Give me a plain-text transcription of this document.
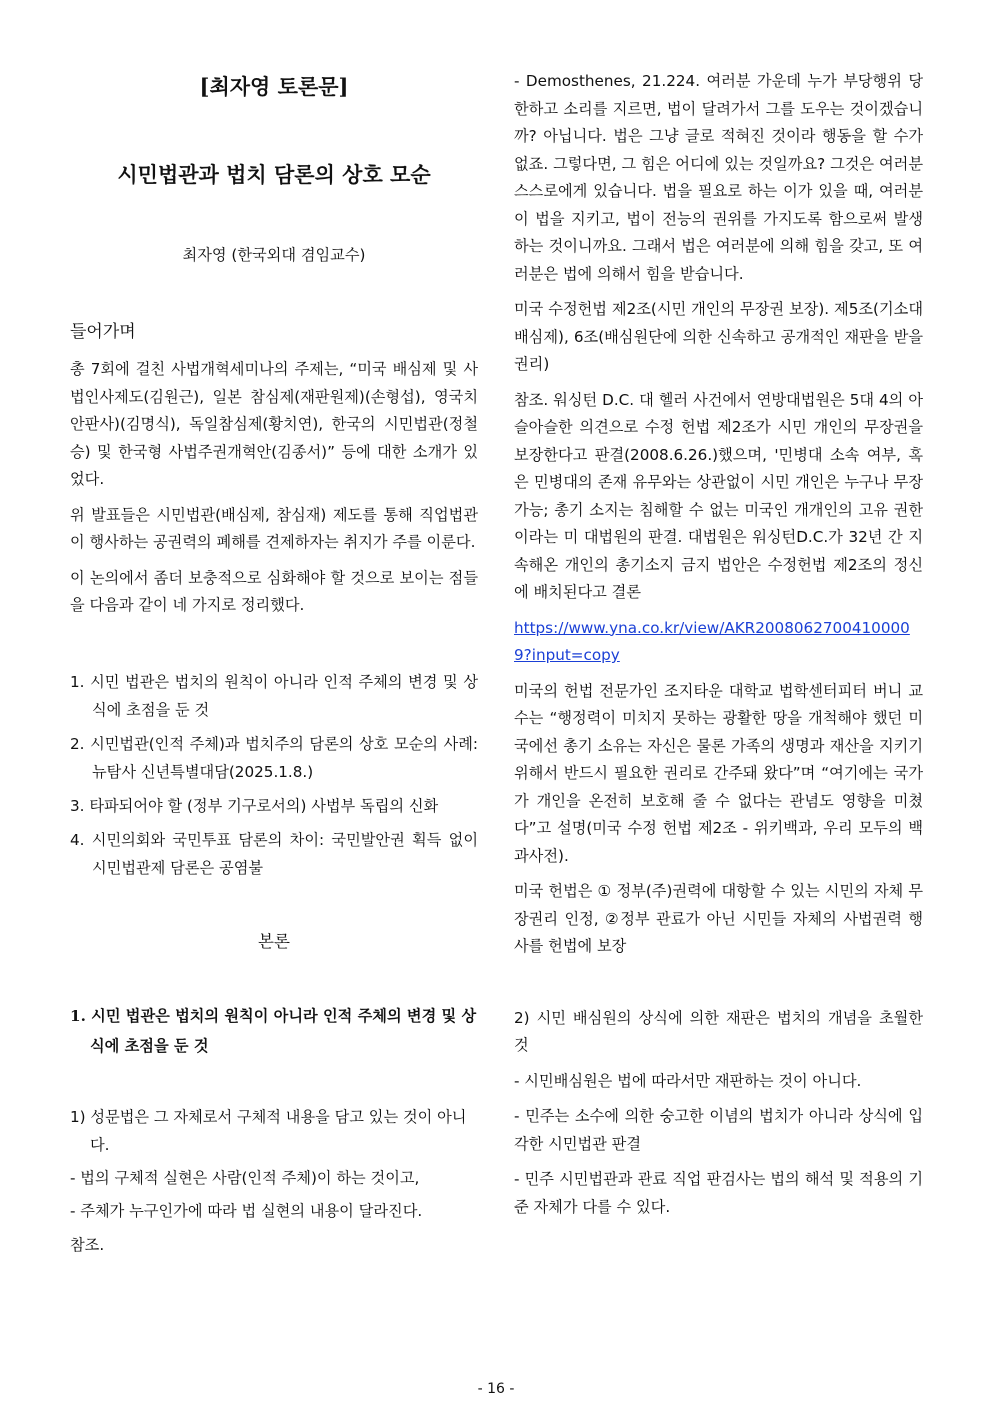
[최자영 토론문]
시민법관과 법치 담론의 상호 모순
최자영 (한국외대 겸임교수)
들어가며

총 7회에 걸친 사법개혁세미나의 주제는, “미국 배심제 및 사법인사제도(김원근), 일본 참심제(재판원제)(손형섭), 영국치안판사)(김명식), 독일참심제(황치연), 한국의 시민법관(정철승) 및 한국형 사법주권개혁안(김종서)” 등에 대한 소개가 있었다.

위 발표들은 시민법관(배심제, 참심재) 제도를 통해 직업법관이 행사하는 공권력의 폐해를 견제하자는 취지가 주를 이룬다.

이 논의에서 좀더 보충적으로 심화해야 할 것으로 보이는 점들을 다음과 같이 네 가지로 정리했다.

1. 시민 법관은 법치의 원칙이 아니라 인적 주체의 변경 및 상식에 초점을 둔 것
2. 시민법관(인적 주체)과 법치주의 담론의 상호 모순의 사례: 뉴탐사 신년특별대담(2025.1.8.)
3. 타파되어야 할 (정부 기구로서의) 사법부 독립의 신화
4. 시민의회와 국민투표 담론의 차이: 국민발안권 획득 없이 시민법관제 담론은 공염불
본론
1. 시민 법관은 법치의 원칙이 아니라 인적 주체의 변경 및 상식에 초점을 둔 것
1) 성문법은 그 자체로서 구체적 내용을 담고 있는 것이 아니다.

- 법의 구체적 실현은 사람(인적 주체)이 하는 것이고,

- 주체가 누구인가에 따라 법 실현의 내용이 달라진다.

참조.

- Demosthenes, 21.224. 여러분 가운데 누가 부당행위 당한하고 소리를 지르면, 법이 달려가서 그를 도우는 것이겠습니까? 아닙니다. 법은 그냥 글로 적혀진 것이라 행동을 할 수가 없죠. 그렇다면, 그 힘은 어디에 있는 것일까요? 그것은 여러분 스스로에게 있습니다. 법을 필요로 하는 이가 있을 때, 여러분이 법을 지키고, 법이 전능의 권위를 가지도록 함으로써 발생하는 것이니까요. 그래서 법은 여러분에 의해 힘을 갖고, 또 여러분은 법에 의해서 힘을 받습니다.

미국 수정헌법 제2조(시민 개인의 무장권 보장). 제5조(기소대배심제), 6조(배심원단에 의한 신속하고 공개적인 재판을 받을 권리)

참조. 워싱턴 D.C. 대 헬러 사건에서 연방대법원은 5대 4의 아슬아슬한 의견으로 수정 헌법 제2조가 시민 개인의 무장권을 보장한다고 판결(2008.6.26.)했으며, '민병대 소속 여부, 혹은 민병대의 존재 유무와는 상관없이 시민 개인은 누구나 무장 가능; 총기 소지는 침해할 수 없는 미국인 개개인의 고유 권한이라는 미 대법원의 판결. 대법원은 워싱턴D.C.가 32년 간 지속해온 개인의 총기소지 금지 법안은 수정헌법 제2조의 정신에 배치된다고 결론

https://www.yna.co.kr/view/AKR20080627004100009?input=copy

미국의 헌법 전문가인 조지타운 대학교 법학센터피터 버니 교수는 “행정력이 미치지 못하는 광활한 땅을 개척해야 했던 미국에선 총기 소유는 자신은 물론 가족의 생명과 재산을 지키기 위해서 반드시 필요한 권리로 간주돼 왔다”며 “여기에는 국가가 개인을 온전히 보호해 줄 수 없다는 관념도 영향을 미쳤다”고 설명(미국 수정 헌법 제2조 - 위키백과, 우리 모두의 백과사전).

미국 헌법은 ① 정부(주)권력에 대항할 수 있는 시민의 자체 무장권리 인정, ②정부 관료가 아닌 시민들 자체의 사법권력 행사를 헌법에 보장

2) 시민 배심원의 상식에 의한 재판은 법치의 개념을 초월한 것

- 시민배심원은 법에 따라서만 재판하는 것이 아니다.

- 민주는 소수에 의한 숭고한 이념의 법치가 아니라 상식에 입각한 시민법관 판결

- 민주 시민법관과 관료 직업 판검사는 법의 해석 및 적용의 기준 자체가 다를 수 있다.

- 16 -
